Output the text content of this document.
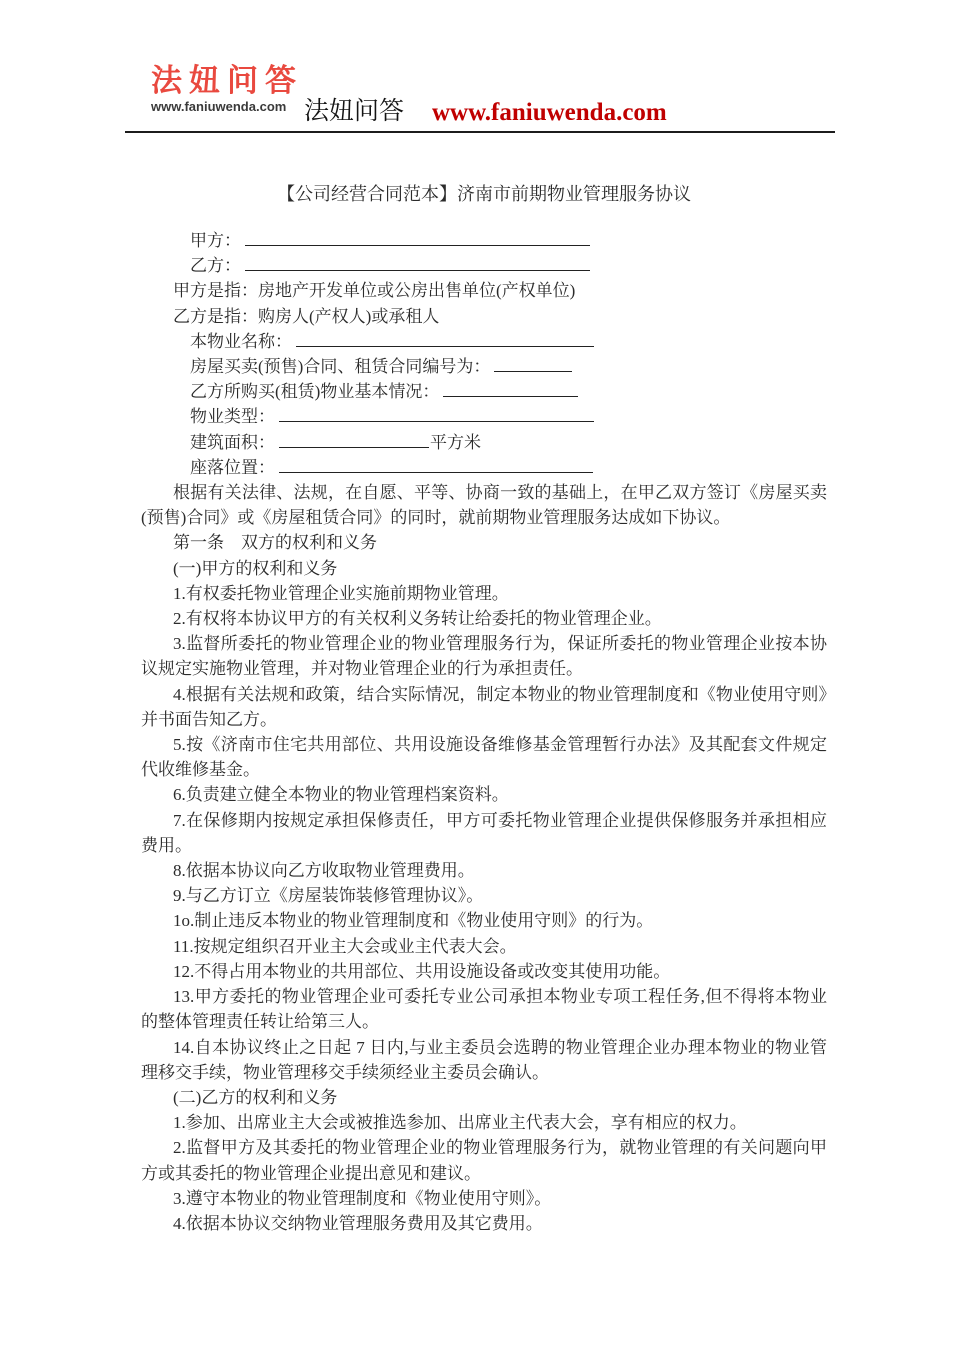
法妞问答
www.faniuwenda.com 法妞问答 www.faniuwenda.com
【公司经营合同范本】济南市前期物业管理服务协议

　甲方：

　乙方：

甲方是指：房地产开发单位或公房出售单位(产权单位)

乙方是指：购房人(产权人)或承租人

　本物业名称：

　房屋买卖(预售)合同、租赁合同编号为：

　乙方所购买(租赁)物业基本情况：

　物业类型：

　建筑面积：	平方米

　座落位置：

根据有关法律、法规，在自愿、平等、协商一致的基础上，在甲乙双方签订《房屋买卖(预售)合同》或《房屋租赁合同》的同时，就前期物业管理服务达成如下协议。

第一条　双方的权利和义务

(一)甲方的权利和义务

1.有权委托物业管理企业实施前期物业管理。

2.有权将本协议甲方的有关权利义务转让给委托的物业管理企业。

3.监督所委托的物业管理企业的物业管理服务行为，保证所委托的物业管理企业按本协议规定实施物业管理，并对物业管理企业的行为承担责任。

4.根据有关法规和政策，结合实际情况，制定本物业的物业管理制度和《物业使用守则》并书面告知乙方。

5.按《济南市住宅共用部位、共用设施设备维修基金管理暂行办法》及其配套文件规定代收维修基金。

6.负责建立健全本物业的物业管理档案资料。

7.在保修期内按规定承担保修责任，甲方可委托物业管理企业提供保修服务并承担相应费用。

8.依据本协议向乙方收取物业管理费用。

9.与乙方订立《房屋装饰装修管理协议》。

1o.制止违反本物业的物业管理制度和《物业使用守则》的行为。

11.按规定组织召开业主大会或业主代表大会。

12.不得占用本物业的共用部位、共用设施设备或改变其使用功能。

13.甲方委托的物业管理企业可委托专业公司承担本物业专项工程任务,但不得将本物业的整体管理责任转让给第三人。

14.自本协议终止之日起 7 日内,与业主委员会选聘的物业管理企业办理本物业的物业管理移交手续，物业管理移交手续须经业主委员会确认。

(二)乙方的权利和义务

1.参加、出席业主大会或被推选参加、出席业主代表大会，享有相应的权力。

2.监督甲方及其委托的物业管理企业的物业管理服务行为，就物业管理的有关问题向甲方或其委托的物业管理企业提出意见和建议。

3.遵守本物业的物业管理制度和《物业使用守则》。

4.依据本协议交纳物业管理服务费用及其它费用。
